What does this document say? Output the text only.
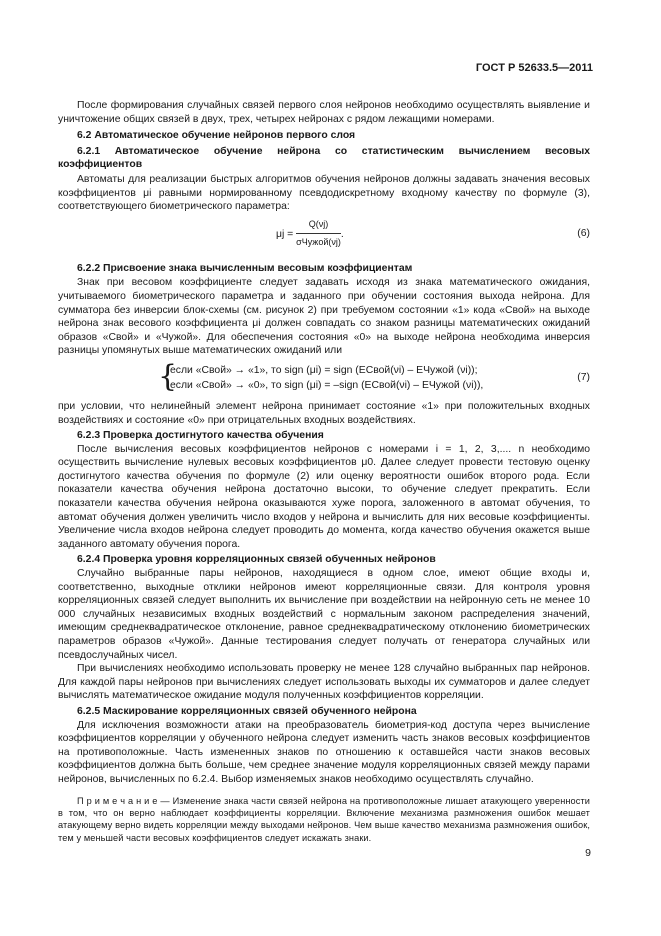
ГОСТ Р 52633.5—2011

После формирования случайных связей первого слоя нейронов необходимо осуществлять выявление и уничтожение общих связей в двух, трех, четырех нейронах с рядом лежащими номерами.

6.2 Автоматическое обучение нейронов первого слоя

6.2.1 Автоматическое обучение нейрона со статистическим вычислением весовых коэффициентов

Автоматы для реализации быстрых алгоритмов обучения нейронов должны задавать значения весовых коэффициентов μi равными нормированному псевдодискретному входному качеству по формуле (3), соответствующего биометрического параметра:

$\mu j = \frac{Q(\nu j)}{\text{σЧужой(νj)}}$ .	(6)

6.2.2 Присвоение знака вычисленным весовым коэффициентам

Знак при весовом коэффициенте следует задавать исходя из знака математического ожидания, учитываемого биометрического параметра и заданного при обучении состояния выхода нейрона. Для сумматора без инверсии блок-схемы (см. рисунок 2) при требуемом состоянии «1» кода «Свой» на выходе нейрона знак весового коэффициента μi должен совпадать со знаком разницы математических ожиданий образов «Свой» и «Чужой». Для обеспечения состояния «0» на выходе нейрона необходима инверсия разницы упомянутых выше математических ожиданий или

{
если «Свой» → «1», то sign (μi) = sign (EСвой(νi) – EЧужой (νi));
если «Свой» → «0», то sign (μi) = –sign (EСвой(νi) – EЧужой (νi)),
(7)

при условии, что нелинейный элемент нейрона принимает состояние «1» при положительных входных воздействиях и состояние «0» при отрицательных входных воздействиях.

6.2.3 Проверка достигнутого качества обучения

После вычисления весовых коэффициентов нейронов с номерами i = 1, 2, 3,.... n необходимо осуществить вычисление нулевых весовых коэффициентов μ0. Далее следует провести тестовую оценку достигнутого качества обучения по формуле (2) или оценку вероятности ошибок второго рода. Если показатели качества обучения нейрона достаточно высоки, то обучение следует прекратить. Если показатели качества обучения нейрона оказываются хуже порога, заложенного в автомат обучения, то автомат обучения должен увеличить число входов у нейрона и вычислить для них весовые коэффициенты. Увеличение числа входов нейрона следует проводить до момента, когда качество обучения окажется выше заданного автомату обучения порога.

6.2.4 Проверка уровня корреляционных связей обученных нейронов

Случайно выбранные пары нейронов, находящиеся в одном слое, имеют общие входы и, соответственно, выходные отклики нейронов имеют корреляционные связи. Для контроля уровня корреляционных связей следует выполнить их вычисление при воздействии на нейронную сеть не менее 10 000 случайных независимых входных воздействий с нормальным законом распределения значений, имеющим среднеквадратическое отклонение, равное среднеквадратическому отклонению биометрических параметров образов «Чужой». Данные тестирования следует получать от генератора случайных или псевдослучайных чисел.

При вычислениях необходимо использовать проверку не менее 128 случайно выбранных пар нейронов. Для каждой пары нейронов при вычислениях следует использовать выходы их сумматоров и далее следует вычислять математическое ожидание модуля полученных коэффициентов корреляции.

6.2.5 Маскирование корреляционных связей обученного нейрона

Для исключения возможности атаки на преобразователь биометрия-код доступа через вычисление коэффициентов корреляции у обученного нейрона следует изменить часть знаков весовых коэффициентов на противоположные. Часть измененных знаков по отношению к оставшейся части знаков весовых коэффициентов должна быть больше, чем среднее значение модуля корреляционных связей между парами нейронов, вычисленных по 6.2.4. Выбор изменяемых знаков необходимо осуществлять случайно.

П р и м е ч а н и е — Изменение знака части связей нейрона на противоположные лишает атакующего уверенности в том, что он верно наблюдает коэффициенты корреляции. Включение механизма размножения ошибок мешает атакующему верно видеть корреляции между выходами нейронов. Чем выше качество механизма размножения ошибок, тем у меньшей части весовых коэффициентов следует искажать знаки.

9
